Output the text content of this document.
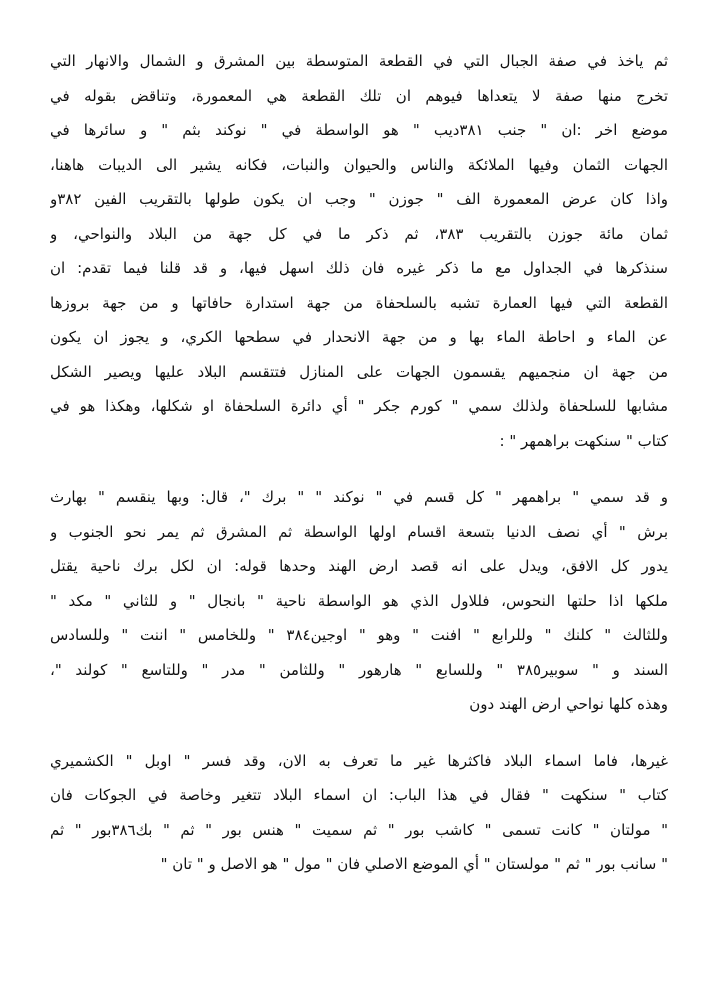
ثم ياخذ في صفة الجبال التي في القطعة المتوسطة بين المشرق و الشمال والانهار التي
تخرج منها صفة لا يتعداها فيوهم ان تلك القطعة هي المعمورة، وتناقض بقوله في
موضع اخر :ان " جنب ٣٨١ديب " هو الواسطة في " نوكند بثم " و سائرها في
الجهات الثمان وفيها الملائكة والناس والحيوان والنبات، فكانه يشير الى الديبات هاهنا،
واذا كان عرض المعمورة الف " جوزن " وجب ان يكون طولها بالتقريب الفين ٣٨٢و
ثمان مائة جوزن بالتقريب ٣٨٣، ثم ذكر ما في كل جهة من البلاد والنواحي، و
سنذكرها في الجداول مع ما ذكر غيره فان ذلك اسهل فيها، و قد قلنا فيما تقدم: ان
القطعة التي فيها العمارة تشبه بالسلحفاة من جهة استدارة حافاتها و من جهة بروزها
عن الماء و احاطة الماء بها و من جهة الانحدار في سطحها الكري، و يجوز ان يكون
من جهة ان منجميهم يقسمون الجهات على المنازل فتتقسم البلاد عليها ويصير الشكل
مشابها للسلحفاة ولذلك سمي " كورم جكر " أي دائرة السلحفاة او شكلها، وهكذا هو في
كتاب " سنكهت براهمهر " :
و قد سمي " براهمهر " كل قسم في " نوكند " " برك "، قال: وبها ينقسم " بهارث
برش " أي نصف الدنيا بتسعة اقسام اولها الواسطة ثم المشرق ثم يمر نحو الجنوب و
يدور كل الافق، ويدل على انه قصد ارض الهند وحدها قوله: ان لكل برك ناحية يقتل
ملكها اذا حلتها النحوس، فللاول الذي هو الواسطة ناحية " بانجال " و للثاني " مكد "
وللثالث " كلنك " وللرابع " افنت " وهو " اوجين٣٨٤ " وللخامس " اننت " وللسادس
السند و " سوبير٣٨٥ " وللسابع " هارهور " وللثامن " مدر " وللتاسع " كولند "،
وهذه كلها نواحي ارض الهند دون
غيرها، فاما اسماء البلاد فاكثرها غير ما تعرف به الان، وقد فسر " اوبل " الكشميري
كتاب " سنكهت " فقال في هذا الباب: ان اسماء البلاد تتغير وخاصة في الجوكات فان
" مولتان " كانت تسمى " كاشب بور " ثم سميت " هنس بور " ثم " بك٣٨٦بور " ثم
" سانب بور " ثم " مولستان " أي الموضع الاصلي فان " مول " هو الاصل و " تان "
